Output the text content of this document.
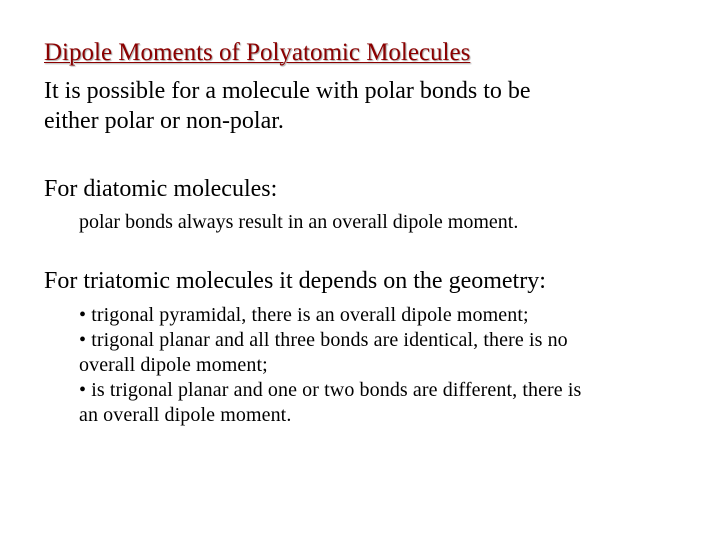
Dipole Moments of Polyatomic Molecules
It is possible for a molecule with polar bonds to be
either polar or non-polar.
For diatomic molecules:
polar bonds always result in an overall dipole moment.
For triatomic molecules it depends on the geometry:
• trigonal pyramidal, there is an overall dipole moment;
• trigonal planar and all three bonds are identical, there is no
overall dipole moment;
• is trigonal planar and one or two bonds are different, there is
an overall dipole moment.
